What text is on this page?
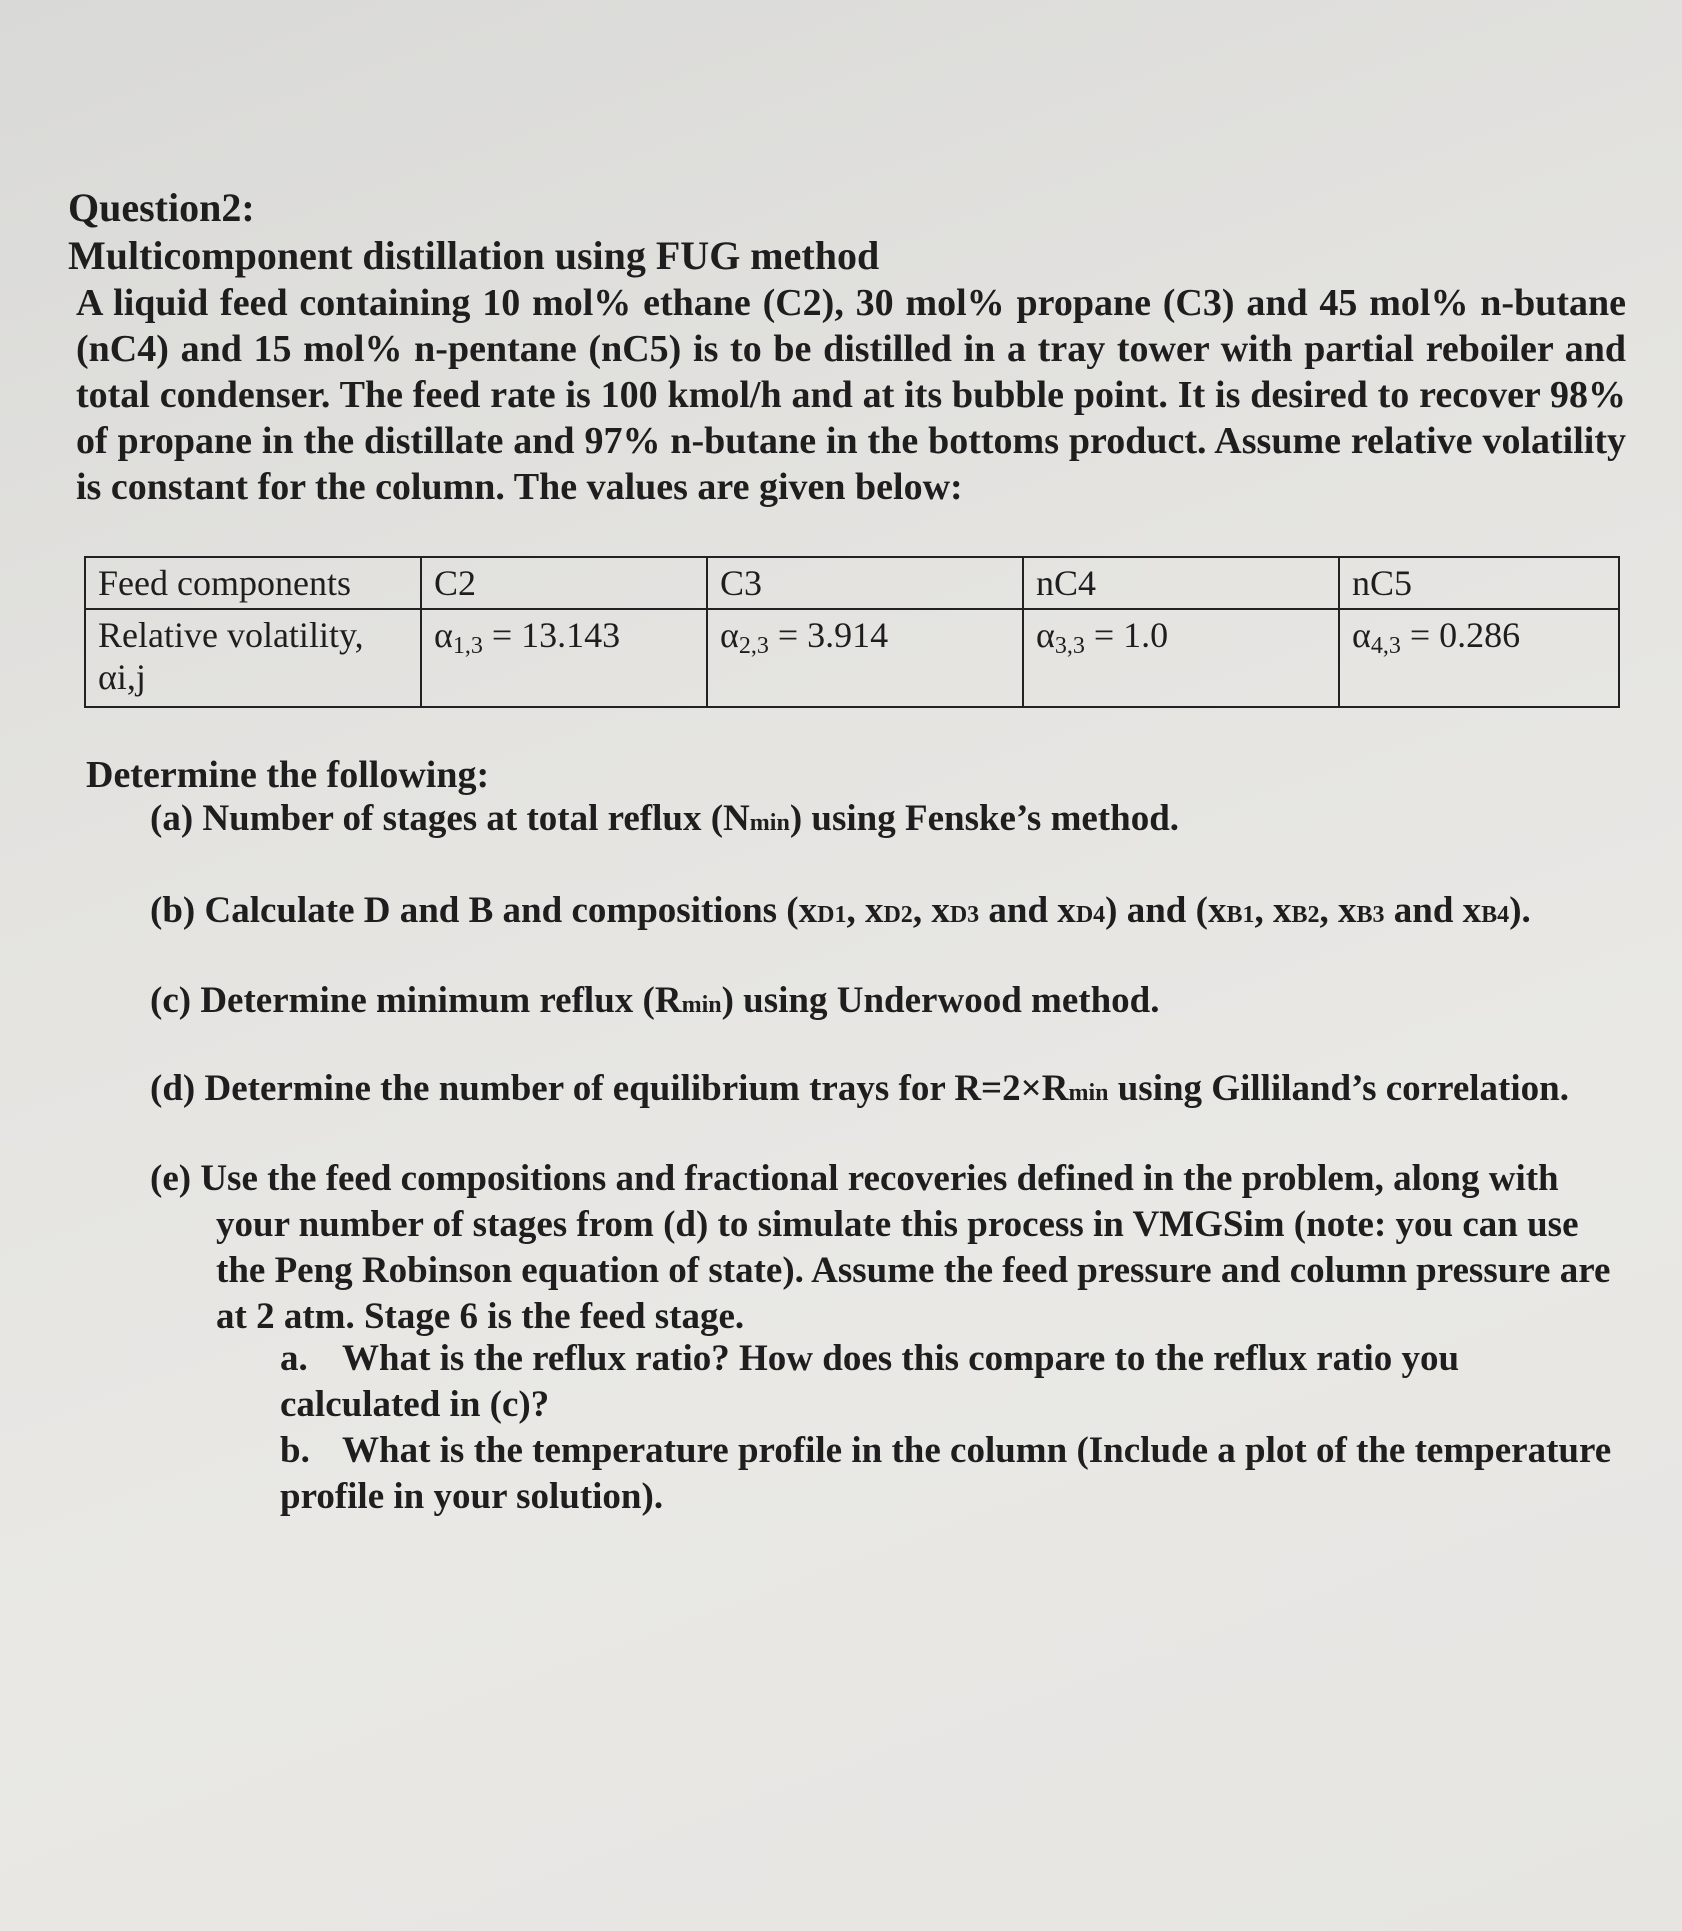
Question2:

Multicomponent distillation using FUG method

A liquid feed containing 10 mol% ethane (C2), 30 mol% propane (C3) and 45 mol% n-butane (nC4) and 15 mol% n-pentane (nC5) is to be distilled in a tray tower with partial reboiler and total condenser. The feed rate is 100 kmol/h and at its bubble point. It is desired to recover 98% of propane in the distillate and 97% n-butane in the bottoms product. Assume relative volatility is constant for the column. The values are given below:

Feed components	C2	C3	nC4	nC5
Relative volatility,
αi,j	$\alpha_{1,3} = 13.143$	$\alpha_{2,3} = 3.914$	$\alpha_{3,3} = 1.0$	$\alpha_{4,3} = 0.286$

Determine the following:

(a) Number of stages at total reflux (Nmin) using Fenske’s method.

(b) Calculate D and B and compositions (xD1, xD2, xD3 and xD4) and (xB1, xB2, xB3 and xB4).

(c) Determine minimum reflux (Rmin) using Underwood method.

(d) Determine the number of equilibrium trays for R=2×Rmin using Gilliland’s correlation.

(e) Use the feed compositions and fractional recoveries defined in the problem, along with
your number of stages from (d) to simulate this process in VMGSim (note: you can use the Peng Robinson equation of state). Assume the feed pressure and column pressure are at 2 atm. Stage 6 is the feed stage.
a. What is the reflux ratio? How does this compare to the reflux ratio you calculated in (c)?
b. What is the temperature profile in the column (Include a plot of the temperature profile in your solution).
